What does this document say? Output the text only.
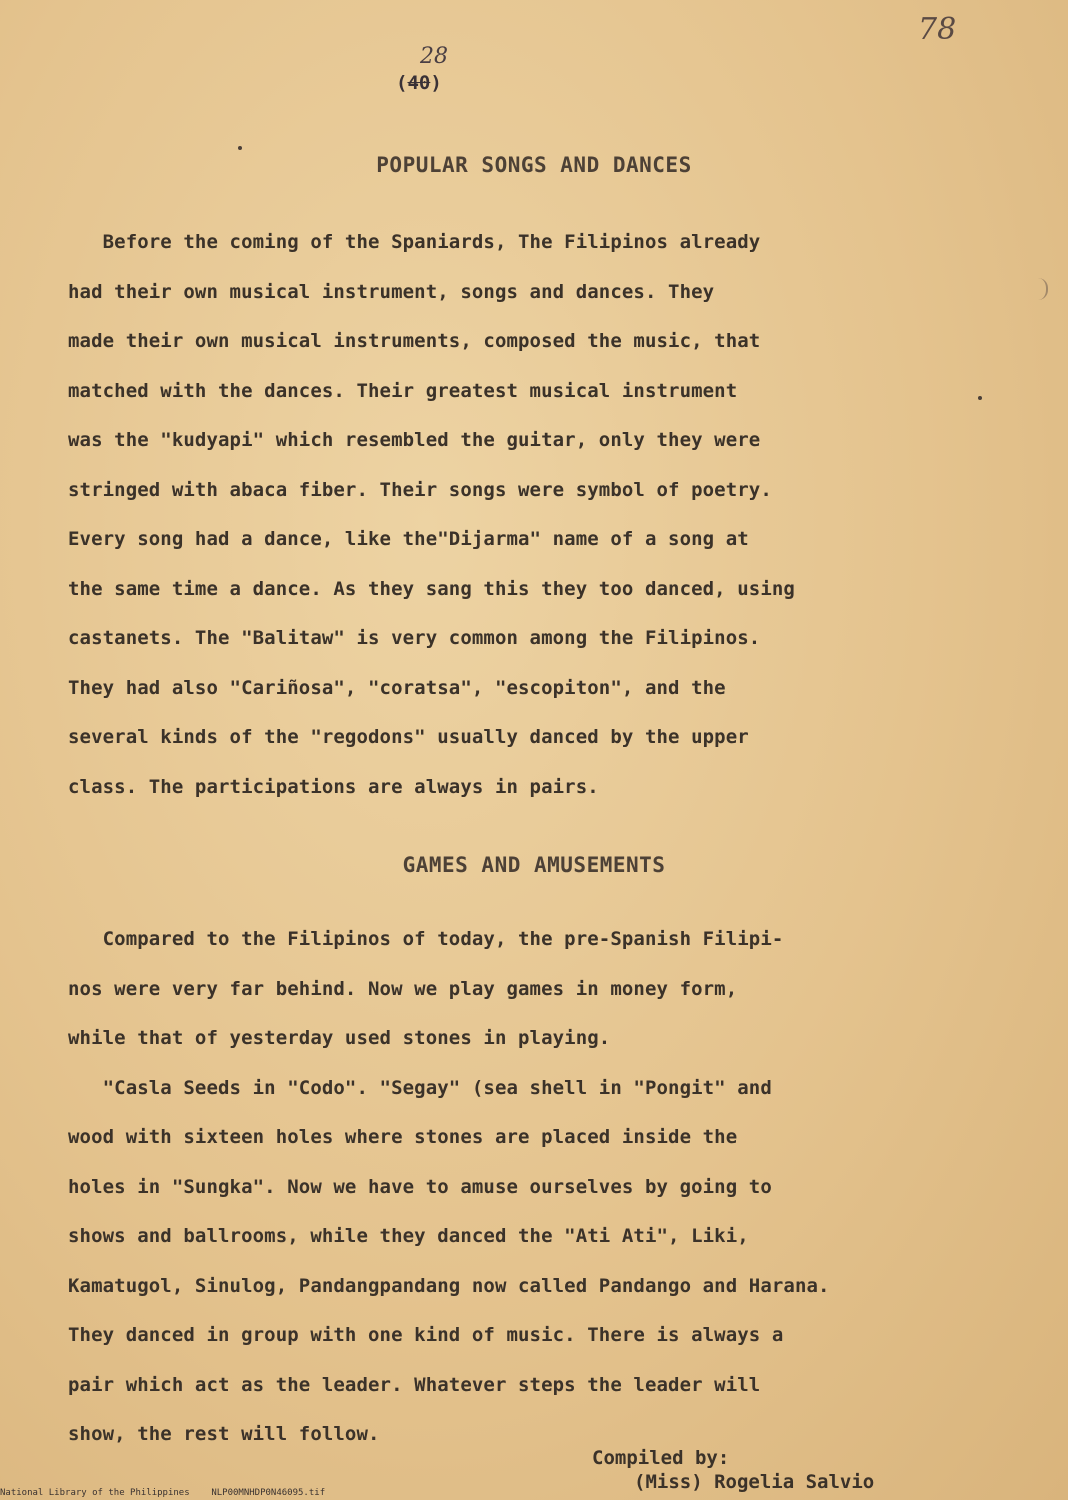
78
28
(40)
POPULAR SONGS AND DANCES
Before the coming of the Spaniards, The Filipinos already
had their own musical instrument, songs and dances. They
made their own musical instruments, composed the music, that
matched with the dances. Their greatest musical instrument
was the "kudyapi" which resembled the guitar, only they were
stringed with abaca fiber. Their songs were symbol of poetry.
Every song had a dance, like the"Dijarma" name of a song at
the same time a dance. As they sang this they too danced, using
castanets. The "Balitaw" is very common among the Filipinos.
They had also "Cariñosa", "coratsa", "escopiton", and the
several kinds of the "regodons" usually danced by the upper
class. The participations are always in pairs.
GAMES AND AMUSEMENTS
Compared to the Filipinos of today, the pre-Spanish Filipi-
nos were very far behind. Now we play games in money form,
while that of yesterday used stones in playing.
"Casla Seeds in "Codo". "Segay" (sea shell in "Pongit" and
wood with sixteen holes where stones are placed inside the
holes in "Sungka". Now we have to amuse ourselves by going to
shows and ballrooms, while they danced the "Ati Ati", Liki,
Kamatugol, Sinulog, Pandangpandang now called Pandango and Harana.
They danced in group with one kind of music. There is always a
pair which act as the leader. Whatever steps the leader will
show, the rest will follow.
Compiled by:
(Miss) Rogelia Salvio
National Library of the Philippines    NLP00MNHDP0N46095.tif
